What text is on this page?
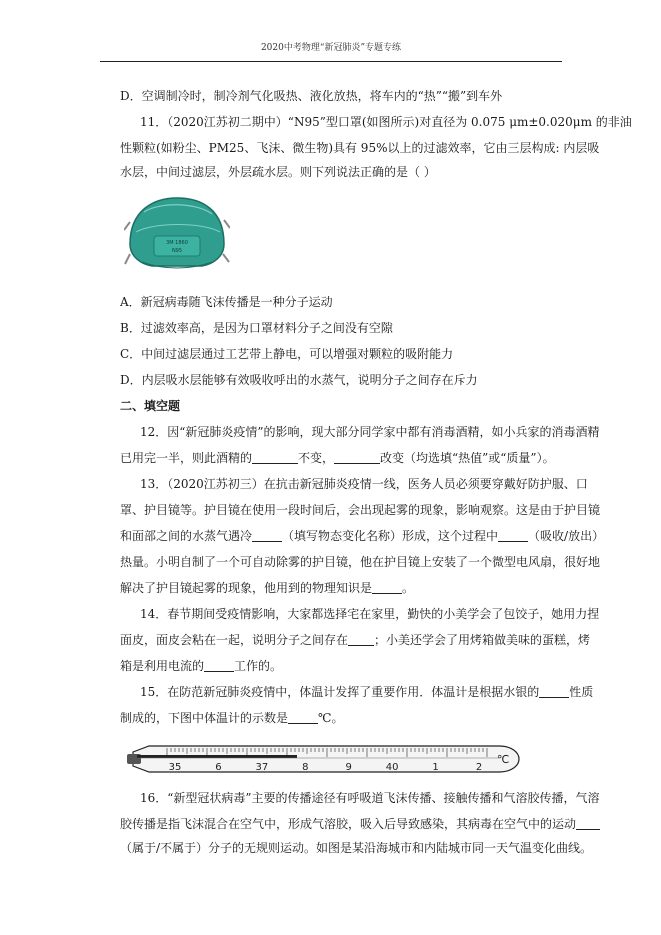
2020中考物理“新冠肺炎”专题专练
D．空调制冷时，制冷剂气化吸热、液化放热，将车内的“热”“搬”到车外
11．（2020江苏初二期中）“N95”型口罩(如图所示)对直径为 0.075 μm±0.020μm 的非油
性颗粒(如粉尘、PM25、飞沫、微生物)具有 95%以上的过滤效率，它由三层构成: 内层吸
水层，中间过滤层，外层疏水层。则下列说法正确的是（ ）
3M 1860
N95
A．新冠病毒随飞沫传播是一种分子运动
B．过滤效率高，是因为口罩材料分子之间没有空隙
C．中间过滤层通过工艺带上静电，可以增强对颗粒的吸附能力
D．内层吸水层能够有效吸收呼出的水蒸气，说明分子之间存在斥力
二、填空题
12．因“新冠肺炎疫情”的影响，现大部分同学家中都有消毒酒精，如小兵家的消毒酒精
已用完一半，则此酒精的	不变，	改变（均选填“热值”或“质量”）。
13．（2020江苏初三）在抗击新冠肺炎疫情一线，医务人员必须要穿戴好防护服、口
罩、护目镜等。护目镜在使用一段时间后，会出现起雾的现象，影响观察。这是由于护目镜
和面部之间的水蒸气遇冷	（填写物态变化名称）形成，这个过程中	（吸收/放出）
热量。小明自制了一个可自动除雾的护目镜，他在护目镜上安装了一个微型电风扇，很好地
解决了护目镜起雾的现象，他用到的物理知识是	。
14．春节期间受疫情影响，大家都选择宅在家里，勤快的小美学会了包饺子，她用力捏
面皮，面皮会粘在一起，说明分子之间存在 ；小美还学会了用烤箱做美味的蛋糕，烤
箱是利用电流的	工作的。
15．在防范新冠肺炎疫情中，体温计发挥了重要作用．体温计是根据水银的	性质
制成的，下图中体温计的示数是	℃。
35	6	37	8	9	40	1	2
℃
16．“新型冠状病毒”主要的传播途径有呼吸道飞沫传播、接触传播和气溶胶传播，气溶
胶传播是指飞沫混合在空气中，形成气溶胶，吸入后导致感染，其病毒在空气中的运动
（属于/不属于）分子的无规则运动。如图是某沿海城市和内陆城市同一天气温变化曲线。
